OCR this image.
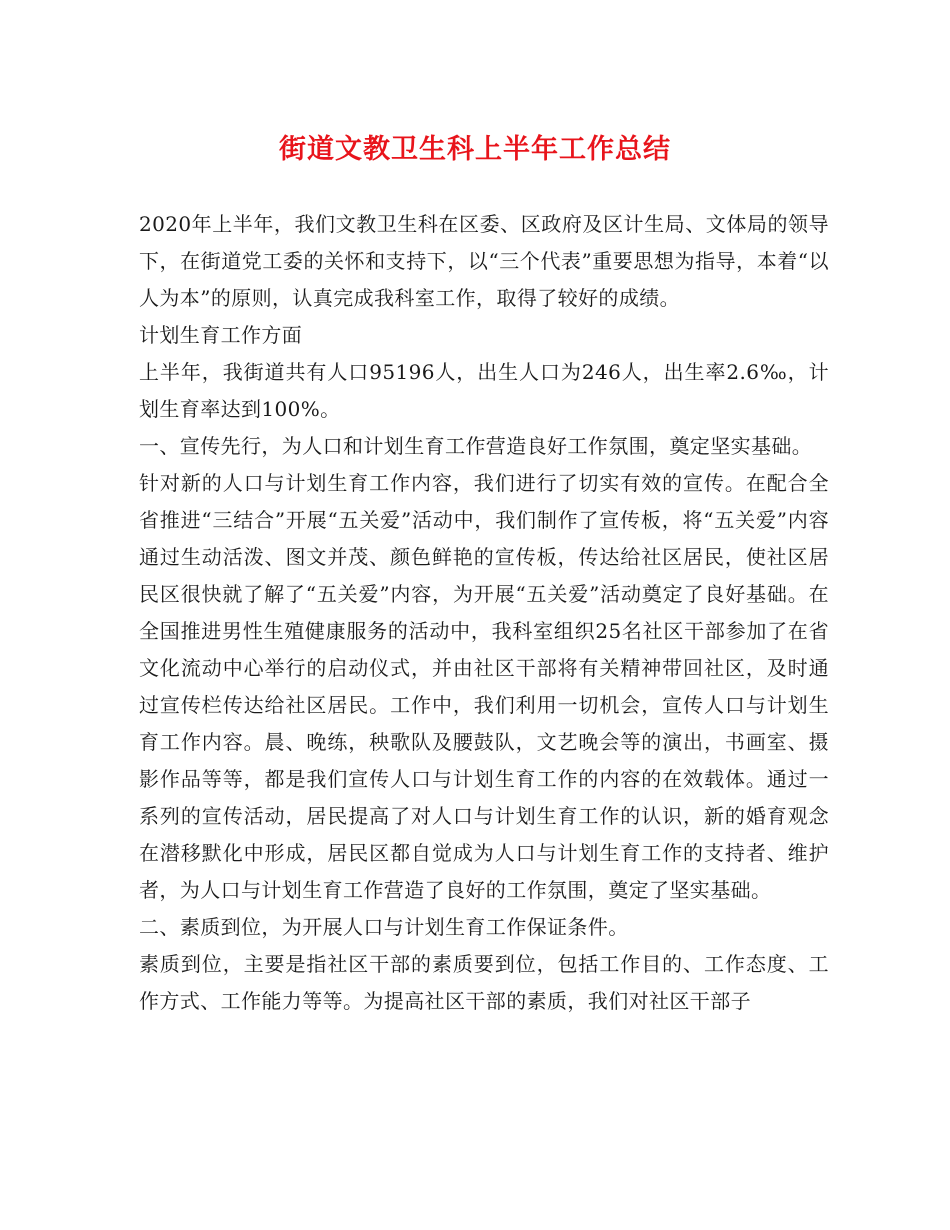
街道文教卫生科上半年工作总结

2020年上半年，我们文教卫生科在区委、区政府及区计生局、文体局的领导下，在街道党工委的关怀和支持下，以“三个代表”重要思想为指导，本着“以人为本”的原则，认真完成我科室工作，取得了较好的成绩。

计划生育工作方面

上半年，我街道共有人口95196人，出生人口为246人，出生率2.6‰，计划生育率达到100%。

一、宣传先行，为人口和计划生育工作营造良好工作氛围，奠定坚实基础。

针对新的人口与计划生育工作内容，我们进行了切实有效的宣传。在配合全省推进“三结合”开展“五关爱”活动中，我们制作了宣传板，将“五关爱”内容通过生动活泼、图文并茂、颜色鲜艳的宣传板，传达给社区居民，使社区居民区很快就了解了“五关爱”内容，为开展“五关爱”活动奠定了良好基础。在全国推进男性生殖健康服务的活动中，我科室组织25名社区干部参加了在省文化流动中心举行的启动仪式，并由社区干部将有关精神带回社区，及时通过宣传栏传达给社区居民。工作中，我们利用一切机会，宣传人口与计划生育工作内容。晨、晚练，秧歌队及腰鼓队，文艺晚会等的演出，书画室、摄影作品等等，都是我们宣传人口与计划生育工作的内容的在效载体。通过一系列的宣传活动，居民提高了对人口与计划生育工作的认识，新的婚育观念在潜移默化中形成，居民区都自觉成为人口与计划生育工作的支持者、维护者，为人口与计划生育工作营造了良好的工作氛围，奠定了坚实基础。

二、素质到位，为开展人口与计划生育工作保证条件。

素质到位，主要是指社区干部的素质要到位，包括工作目的、工作态度、工作方式、工作能力等等。为提高社区干部的素质，我们对社区干部子
